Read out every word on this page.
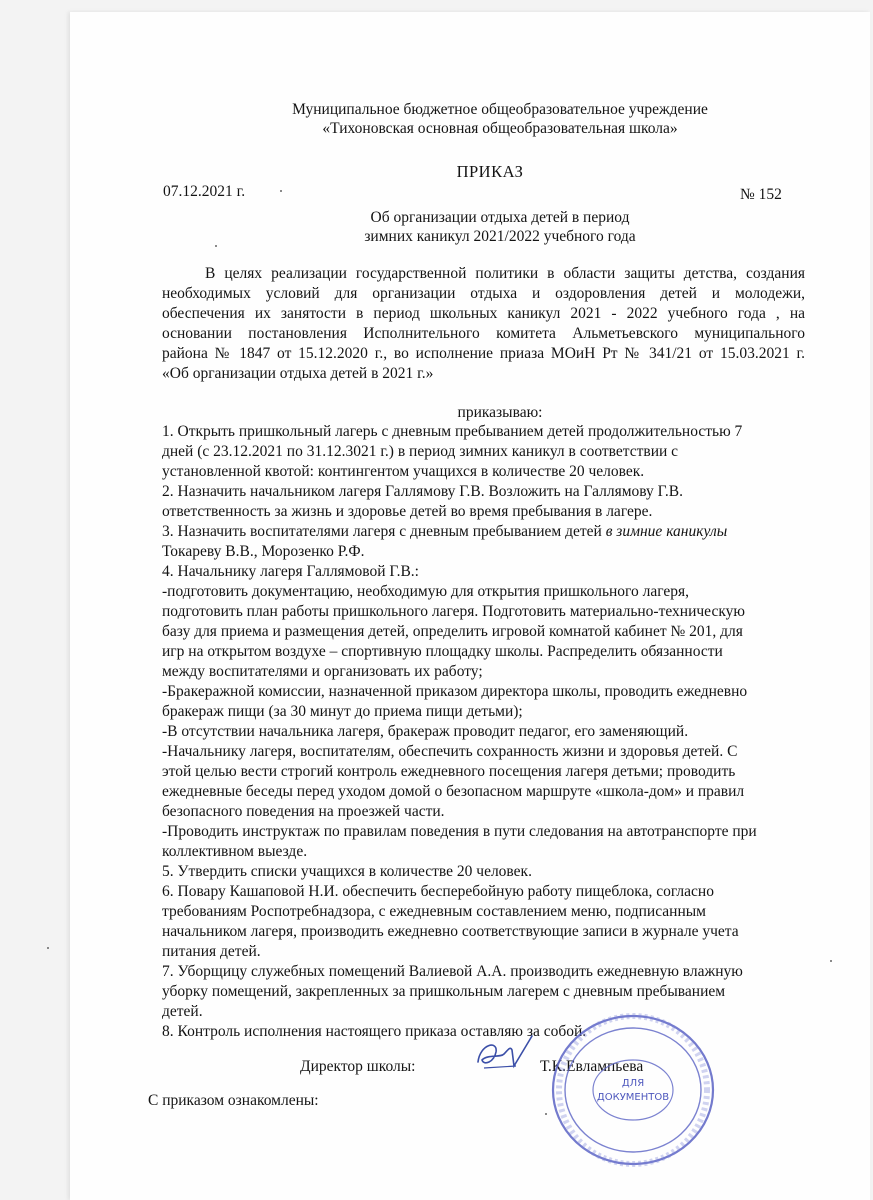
Муниципальное бюджетное общеобразовательное учреждение
«Тихоновская основная общеобразовательная школа»
ПРИКАЗ
07.12.2021 г.	№ 152
Об организации отдыха детей в период
зимних каникул 2021/2022 учебного года
В целях реализации государственной политики в области защиты детства, создания
необходимых условий для организации отдыха и оздоровления детей и молодежи,
обеспечения их занятости в период школьных каникул 2021 - 2022 учебного года , на
основании постановления Исполнительного комитета Альметьевского муниципального
района № 1847 от 15.12.2020 г., во исполнение приаза МОиН Рт № 341/21 от 15.03.2021 г.
«Об организации отдыха детей в 2021 г.»
приказываю:
1. Открыть пришкольный лагерь с дневным пребыванием детей продолжительностью 7
дней (с 23.12.2021 по 31.12.3021 г.) в период зимних каникул в соответствии с
установленной квотой: контингентом учащихся в количестве 20 человек.
2. Назначить начальником лагеря Галлямову Г.В. Возложить на Галлямову Г.В.
ответственность за жизнь и здоровье детей во время пребывания в лагере.
3. Назначить воспитателями лагеря с дневным пребыванием детей в зимние каникулы
Токареву В.В., Морозенко Р.Ф.
4. Начальнику лагеря Галлямовой Г.В.:
-подготовить документацию, необходимую для открытия пришкольного лагеря,
подготовить план работы пришкольного лагеря. Подготовить материально-техническую
базу для приема и размещения детей, определить игровой комнатой кабинет № 201, для
игр на открытом воздухе – спортивную площадку школы. Распределить обязанности
между воспитателями и организовать их работу;
-Бракеражной комиссии, назначенной приказом директора школы, проводить ежедневно
бракераж пищи (за 30 минут до приема пищи детьми);
-В отсутствии начальника лагеря, бракераж проводит педагог, его заменяющий.
-Начальнику лагеря, воспитателям, обеспечить сохранность жизни и здоровья детей. С
этой целью вести строгий контроль ежедневного посещения лагеря детьми; проводить
ежедневные беседы перед уходом домой о безопасном маршруте «школа-дом» и правил
безопасного поведения на проезжей части.
-Проводить инструктаж по правилам поведения в пути следования на автотранспорте при
коллективном выезде.
5. Утвердить списки учащихся в количестве 20 человек.
6. Повару Кашаповой Н.И. обеспечить бесперебойную работу пищеблока, согласно
требованиям Роспотребнадзора, с ежедневным составлением меню, подписанным
начальником лагеря, производить ежедневно соответствующие записи в журнале учета
питания детей.
7. Уборщицу служебных помещений Валиевой А.А. производить ежедневную влажную
уборку помещений, закрепленных за пришкольным лагерем с дневным пребыванием
детей.
8. Контроль исполнения настоящего приказа оставляю за собой.
Директор школы:	Т.К.Евлампьева
ДЛЯ
ДОКУМЕНТОВ
С приказом ознакомлены:
